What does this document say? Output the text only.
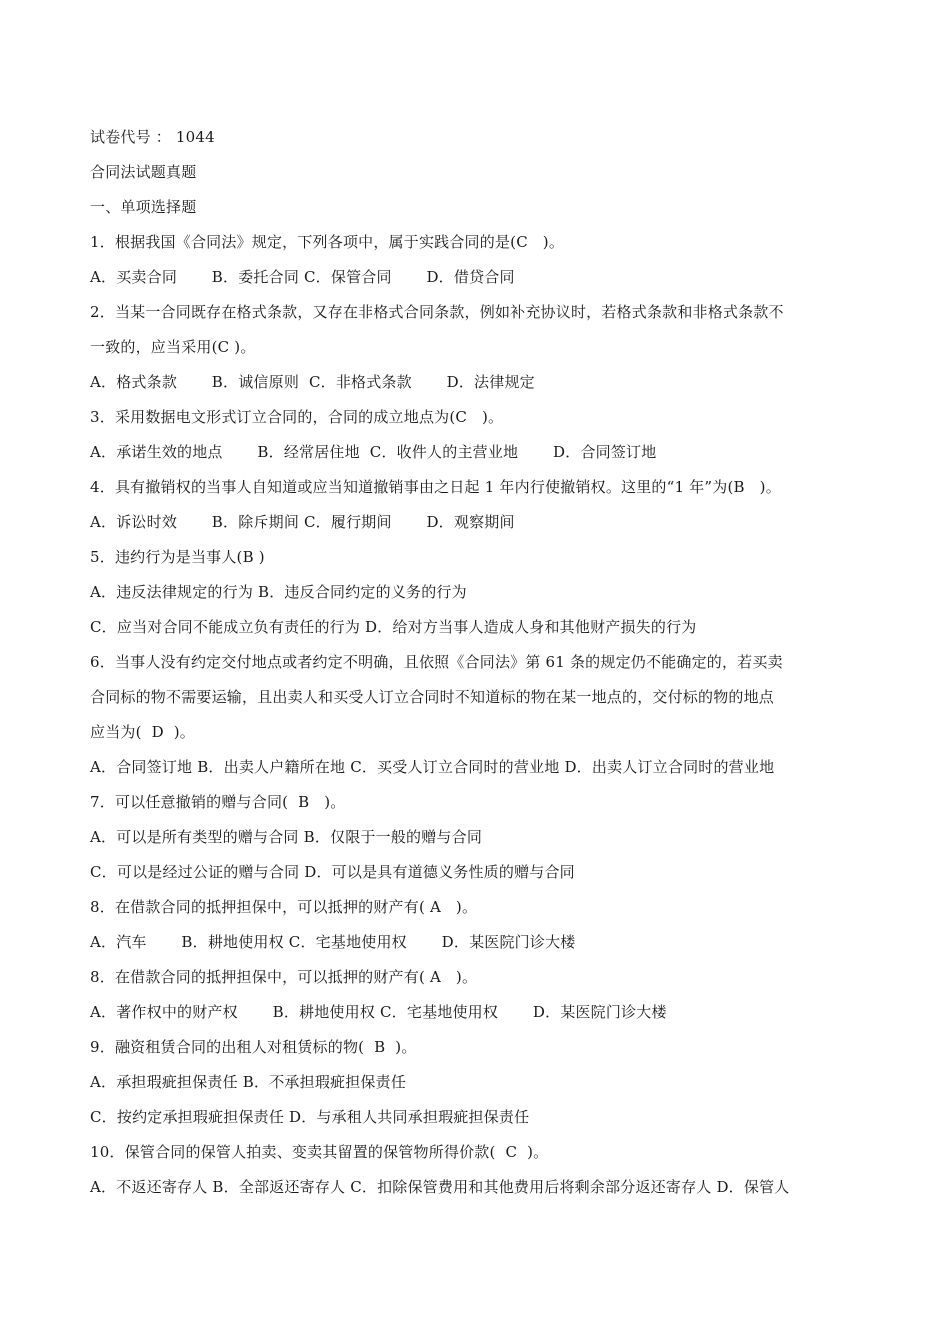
试卷代号 ： 1044
合同法试题真题
一、单项选择题
1．根据我国《合同法》规定，下列各项中，属于实践合同的是(C   )。
A．买卖合同       B．委托合同 C．保管合同       D．借贷合同
2．当某一合同既存在格式条款，又存在非格式合同条款，例如补充协议时，若格式条款和非格式条款不
一致的，应当采用(C )。
A．格式条款       B．诚信原则  C．非格式条款       D．法律规定
3．采用数据电文形式订立合同的，合同的成立地点为(C   )。
A．承诺生效的地点       B．经常居住地  C．收件人的主营业地       D．合同签订地
4．具有撤销权的当事人自知道或应当知道撤销事由之日起 1 年内行使撤销权。这里的“1 年”为(B   )。
A．诉讼时效       B．除斥期间 C．履行期间       D．观察期间
5．违约行为是当事人(B )
A．违反法律规定的行为 B．违反合同约定的义务的行为
C．应当对合同不能成立负有责任的行为 D．给对方当事人造成人身和其他财产损失的行为
6．当事人没有约定交付地点或者约定不明确，且依照《合同法》第 61 条的规定仍不能确定的，若买卖
合同标的物不需要运输，且出卖人和买受人订立合同时不知道标的物在某一地点的，交付标的物的地点
应当为(  D  )。
A．合同签订地 B．出卖人户籍所在地 C．买受人订立合同时的营业地 D．出卖人订立合同时的营业地
7．可以任意撤销的赠与合同(  B   )。
A．可以是所有类型的赠与合同 B．仅限于一般的赠与合同
C．可以是经过公证的赠与合同 D．可以是具有道德义务性质的赠与合同
8．在借款合同的抵押担保中，可以抵押的财产有( A   )。
A．汽车       B．耕地使用权 C．宅基地使用权       D．某医院门诊大楼
8．在借款合同的抵押担保中，可以抵押的财产有( A   )。
A．著作权中的财产权       B．耕地使用权 C．宅基地使用权       D．某医院门诊大楼
9．融资租赁合同的出租人对租赁标的物(  B  )。
A．承担瑕疵担保责任 B．不承担瑕疵担保责任
C．按约定承担瑕疵担保责任 D．与承租人共同承担瑕疵担保责任
10．保管合同的保管人拍卖、变卖其留置的保管物所得价款(  C  )。
A．不返还寄存人 B．全部返还寄存人 C．扣除保管费用和其他费用后将剩余部分返还寄存人 D．保管人
